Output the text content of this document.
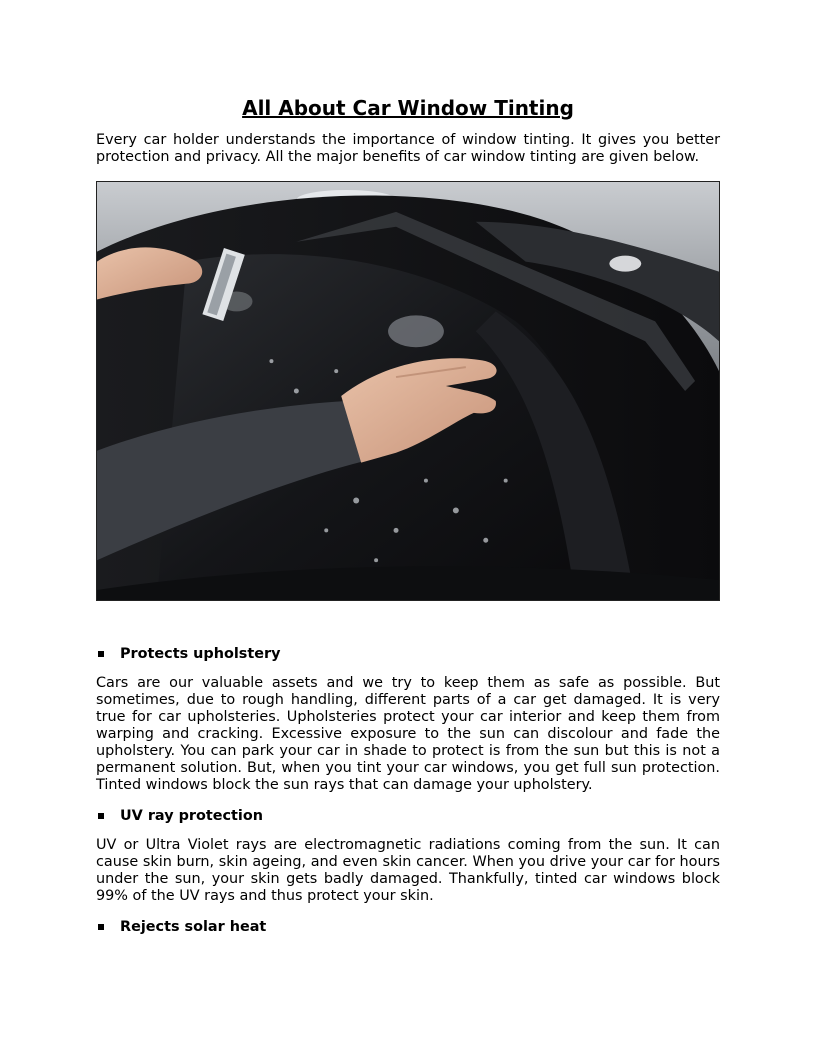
All About Car Window Tinting

Every car holder understands the importance of window tinting. It gives you better protection and privacy. All the major benefits of car window tinting are given below.

Protects upholstery

Cars are our valuable assets and we try to keep them as safe as possible. But sometimes, due to rough handling, different parts of a car get damaged. It is very true for car upholsteries. Upholsteries protect your car interior and keep them from warping and cracking. Excessive exposure to the sun can discolour and fade the upholstery. You can park your car in shade to protect is from the sun but this is not a permanent solution. But, when you tint your car windows, you get full sun protection. Tinted windows block the sun rays that can damage your upholstery.

UV ray protection

UV or Ultra Violet rays are electromagnetic radiations coming from the sun. It can cause skin burn, skin ageing, and even skin cancer. When you drive your car for hours under the sun, your skin gets badly damaged. Thankfully, tinted car windows block 99% of the UV rays and thus protect your skin.

Rejects solar heat
